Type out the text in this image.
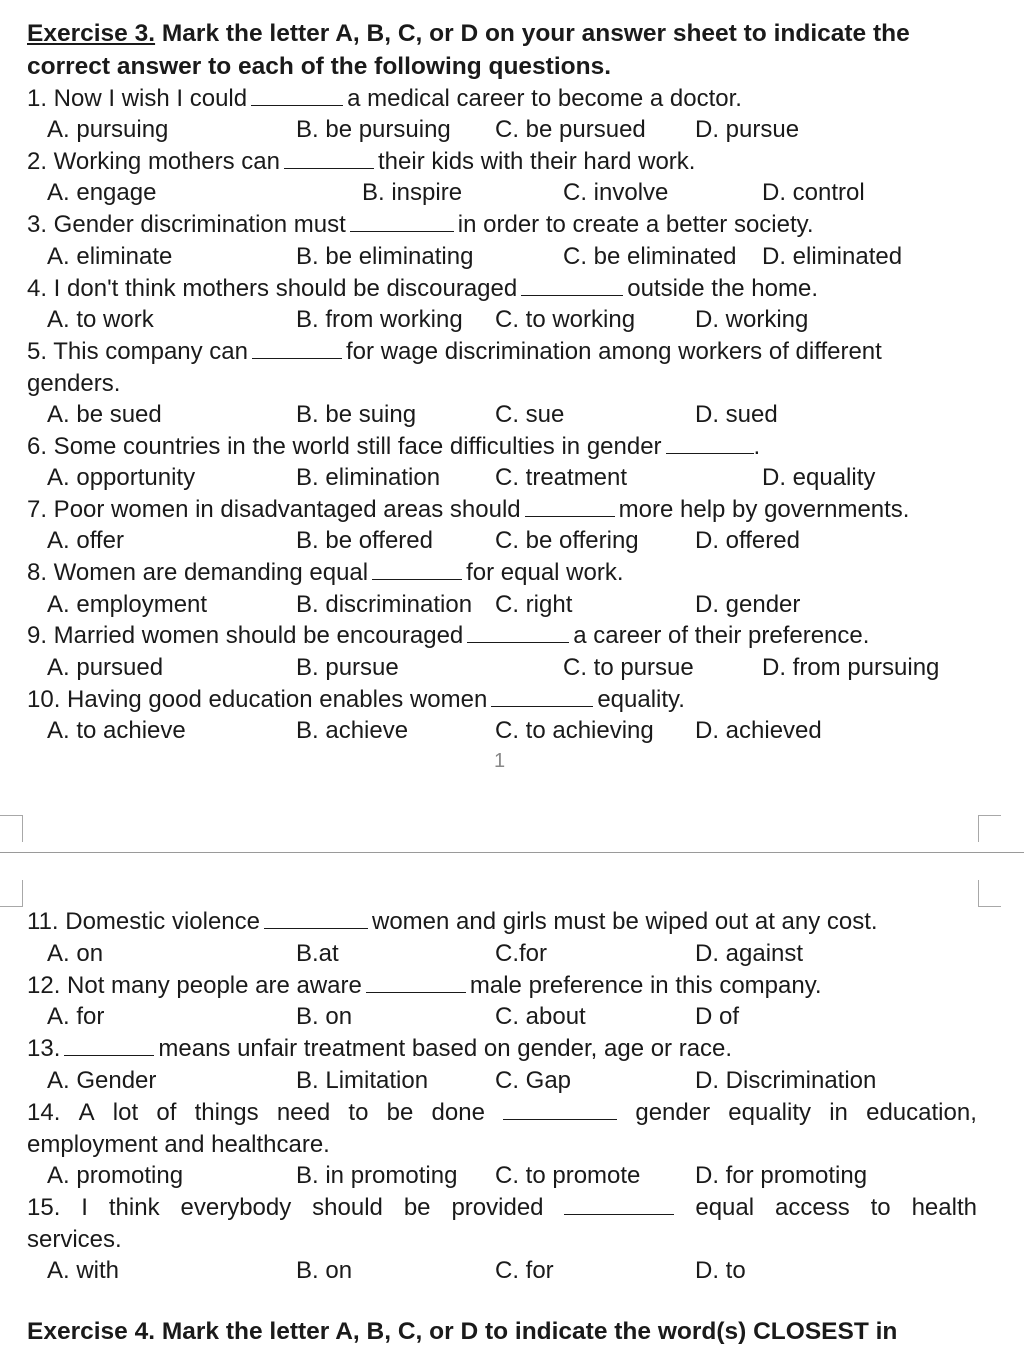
Exercise 3. Mark the letter A, B, C, or D on your answer sheet to indicate the
correct answer to each of the following questions.
1. Now I wish I could	a medical career to become a doctor.
A. pursuing	B. be pursuing C. be pursued D. pursue
2. Working mothers can	their kids with their hard work.
A. engage	B. inspire	C. involve	D. control
3. Gender discrimination must	in order to create a better society.
A. eliminate	B. be eliminating	C. be eliminated D. eliminated
4. I don't think mothers should be discouraged	outside the home.
A. to work	B. from working C. to working D. working
5. This company can	for wage discrimination among workers of different
genders.
A. be sued	B. be suing	C. sue	D. sued
6. Some countries in the world still face difficulties in gender	.
A. opportunity	B. elimination C. treatment	D. equality
7. Poor women in disadvantaged areas should	more help by governments.
A. offer	B. be offered	C. be offering D. offered
8. Women are demanding equal	for equal work.
A. employment	B. discrimination C. right	D. gender
9. Married women should be encouraged	a career of their preference.
A. pursued	B. pursue	C. to pursue	D. from pursuing
10. Having good education enables women	equality.
A. to achieve	B. achieve	C. to achieving D. achieved
1
11. Domestic violence	women and girls must be wiped out at any cost.
A. on	B.at	C.for	D. against
12. Not many people are aware	male preference in this company.
A. for	B. on	C. about	D of
13.	means unfair treatment based on gender, age or race.
A. Gender	B. Limitation	C. Gap	D. Discrimination
14. A lot of things need to be done	gender equality in education,
employment and healthcare.
A. promoting	B. in promoting C. to promote D. for promoting
15. I think everybody should be provided	equal access to health
services.
A. with	B. on	C. for	D. to
Exercise 4. Mark the letter A, B, C, or D to indicate the word(s) CLOSEST in
